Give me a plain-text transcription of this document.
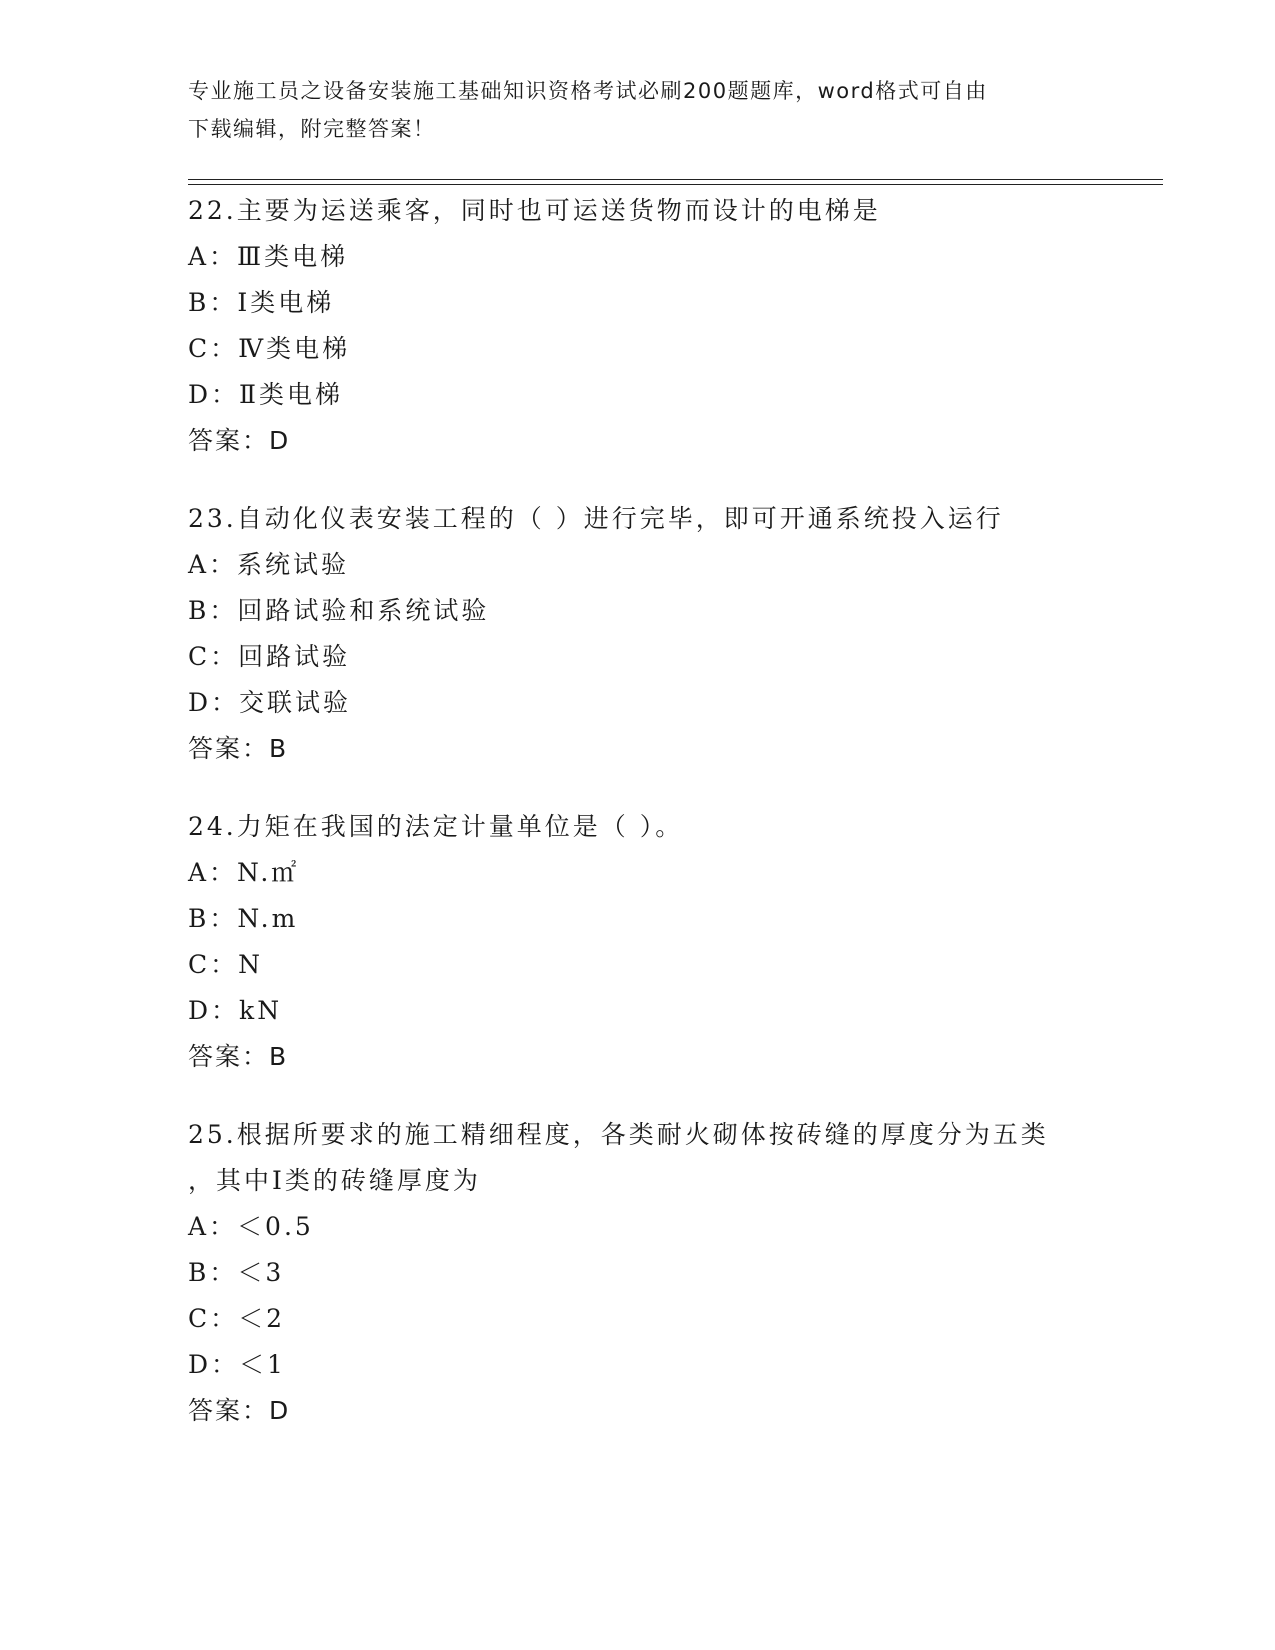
专业施工员之设备安装施工基础知识资格考试必刷200题题库，word格式可自由
下载编辑，附完整答案！
22.主要为运送乘客，同时也可运送货物而设计的电梯是
A：Ⅲ类电梯
B：Ⅰ类电梯
C：Ⅳ类电梯
D：Ⅱ类电梯
答案：D
23.自动化仪表安装工程的（ ）进行完毕，即可开通系统投入运行
A：系统试验
B：回路试验和系统试验
C：回路试验
D：交联试验
答案：B
24.力矩在我国的法定计量单位是（ ）。
A：N.㎡
B：N.m
C：N
D：kN
答案：B
25.根据所要求的施工精细程度，各类耐火砌体按砖缝的厚度分为五类
，其中Ⅰ类的砖缝厚度为
A：＜0.5
B：＜3
C：＜2
D：＜1
答案：D
